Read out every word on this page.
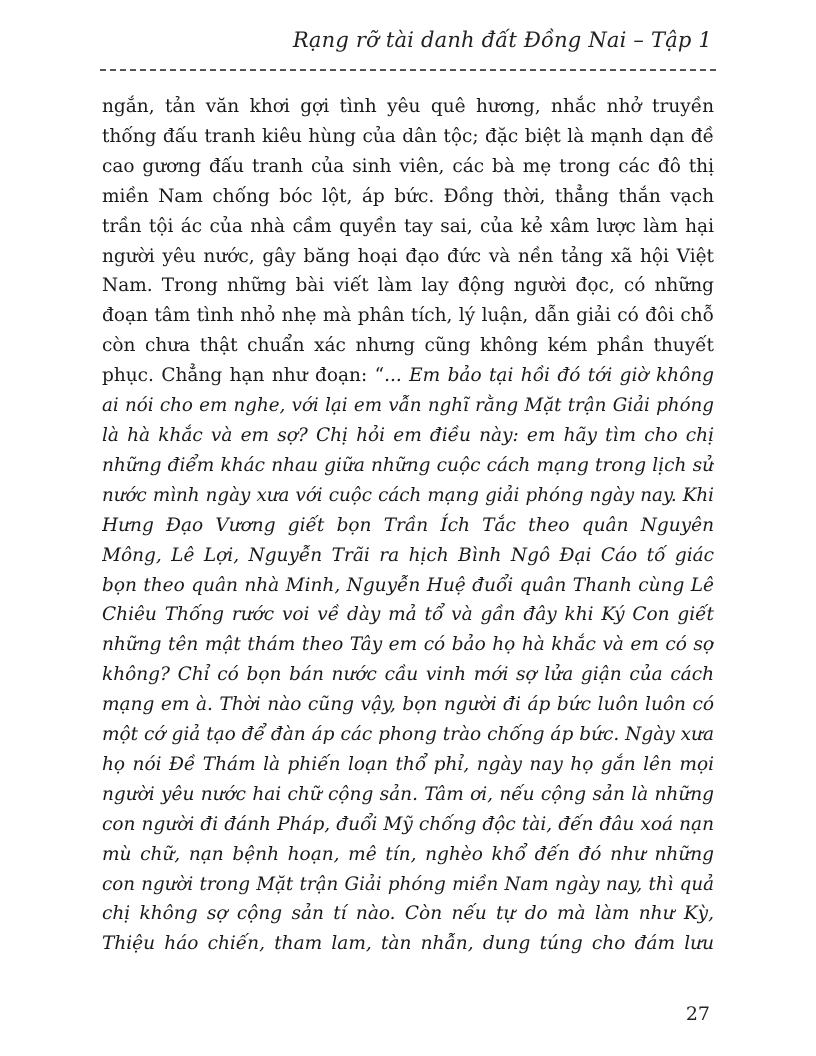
Rạng rỡ tài danh đất Đồng Nai – Tập 1
ngắn, tản văn khơi gợi tình yêu quê hương, nhắc nhở truyền
thống đấu tranh kiêu hùng của dân tộc; đặc biệt là mạnh dạn đề
cao gương đấu tranh của sinh viên, các bà mẹ trong các đô thị
miền Nam chống bóc lột, áp bức. Đồng thời, thẳng thắn vạch
trần tội ác của nhà cầm quyền tay sai, của kẻ xâm lược làm hại
người yêu nước, gây băng hoại đạo đức và nền tảng xã hội Việt
Nam. Trong những bài viết làm lay động người đọc, có những
đoạn tâm tình nhỏ nhẹ mà phân tích, lý luận, dẫn giải có đôi chỗ
còn chưa thật chuẩn xác nhưng cũng không kém phần thuyết
phục. Chẳng hạn như đoạn: “... Em bảo tại hồi đó tới giờ không
ai nói cho em nghe, với lại em vẫn nghĩ rằng Mặt trận Giải phóng
là hà khắc và em sợ? Chị hỏi em điều này: em hãy tìm cho chị
những điểm khác nhau giữa những cuộc cách mạng trong lịch sử
nước mình ngày xưa với cuộc cách mạng giải phóng ngày nay. Khi
Hưng Đạo Vương giết bọn Trần Ích Tắc theo quân Nguyên
Mông, Lê Lợi, Nguyễn Trãi ra hịch Bình Ngô Đại Cáo tố giác
bọn theo quân nhà Minh, Nguyễn Huệ đuổi quân Thanh cùng Lê
Chiêu Thống rước voi về dày mả tổ và gần đây khi Ký Con giết
những tên mật thám theo Tây em có bảo họ hà khắc và em có sợ
không? Chỉ có bọn bán nước cầu vinh mới sợ lửa giận của cách
mạng em à. Thời nào cũng vậy, bọn người đi áp bức luôn luôn có
một cớ giả tạo để đàn áp các phong trào chống áp bức. Ngày xưa
họ nói Đề Thám là phiến loạn thổ phỉ, ngày nay họ gắn lên mọi
người yêu nước hai chữ cộng sản. Tâm ơi, nếu cộng sản là những
con người đi đánh Pháp, đuổi Mỹ chống độc tài, đến đâu xoá nạn
mù chữ, nạn bệnh hoạn, mê tín, nghèo khổ đến đó như những
con người trong Mặt trận Giải phóng miền Nam ngày nay, thì quả
chị không sợ cộng sản tí nào. Còn nếu tự do mà làm như Kỳ,
Thiệu háo chiến, tham lam, tàn nhẫn, dung túng cho đám lưu
27
